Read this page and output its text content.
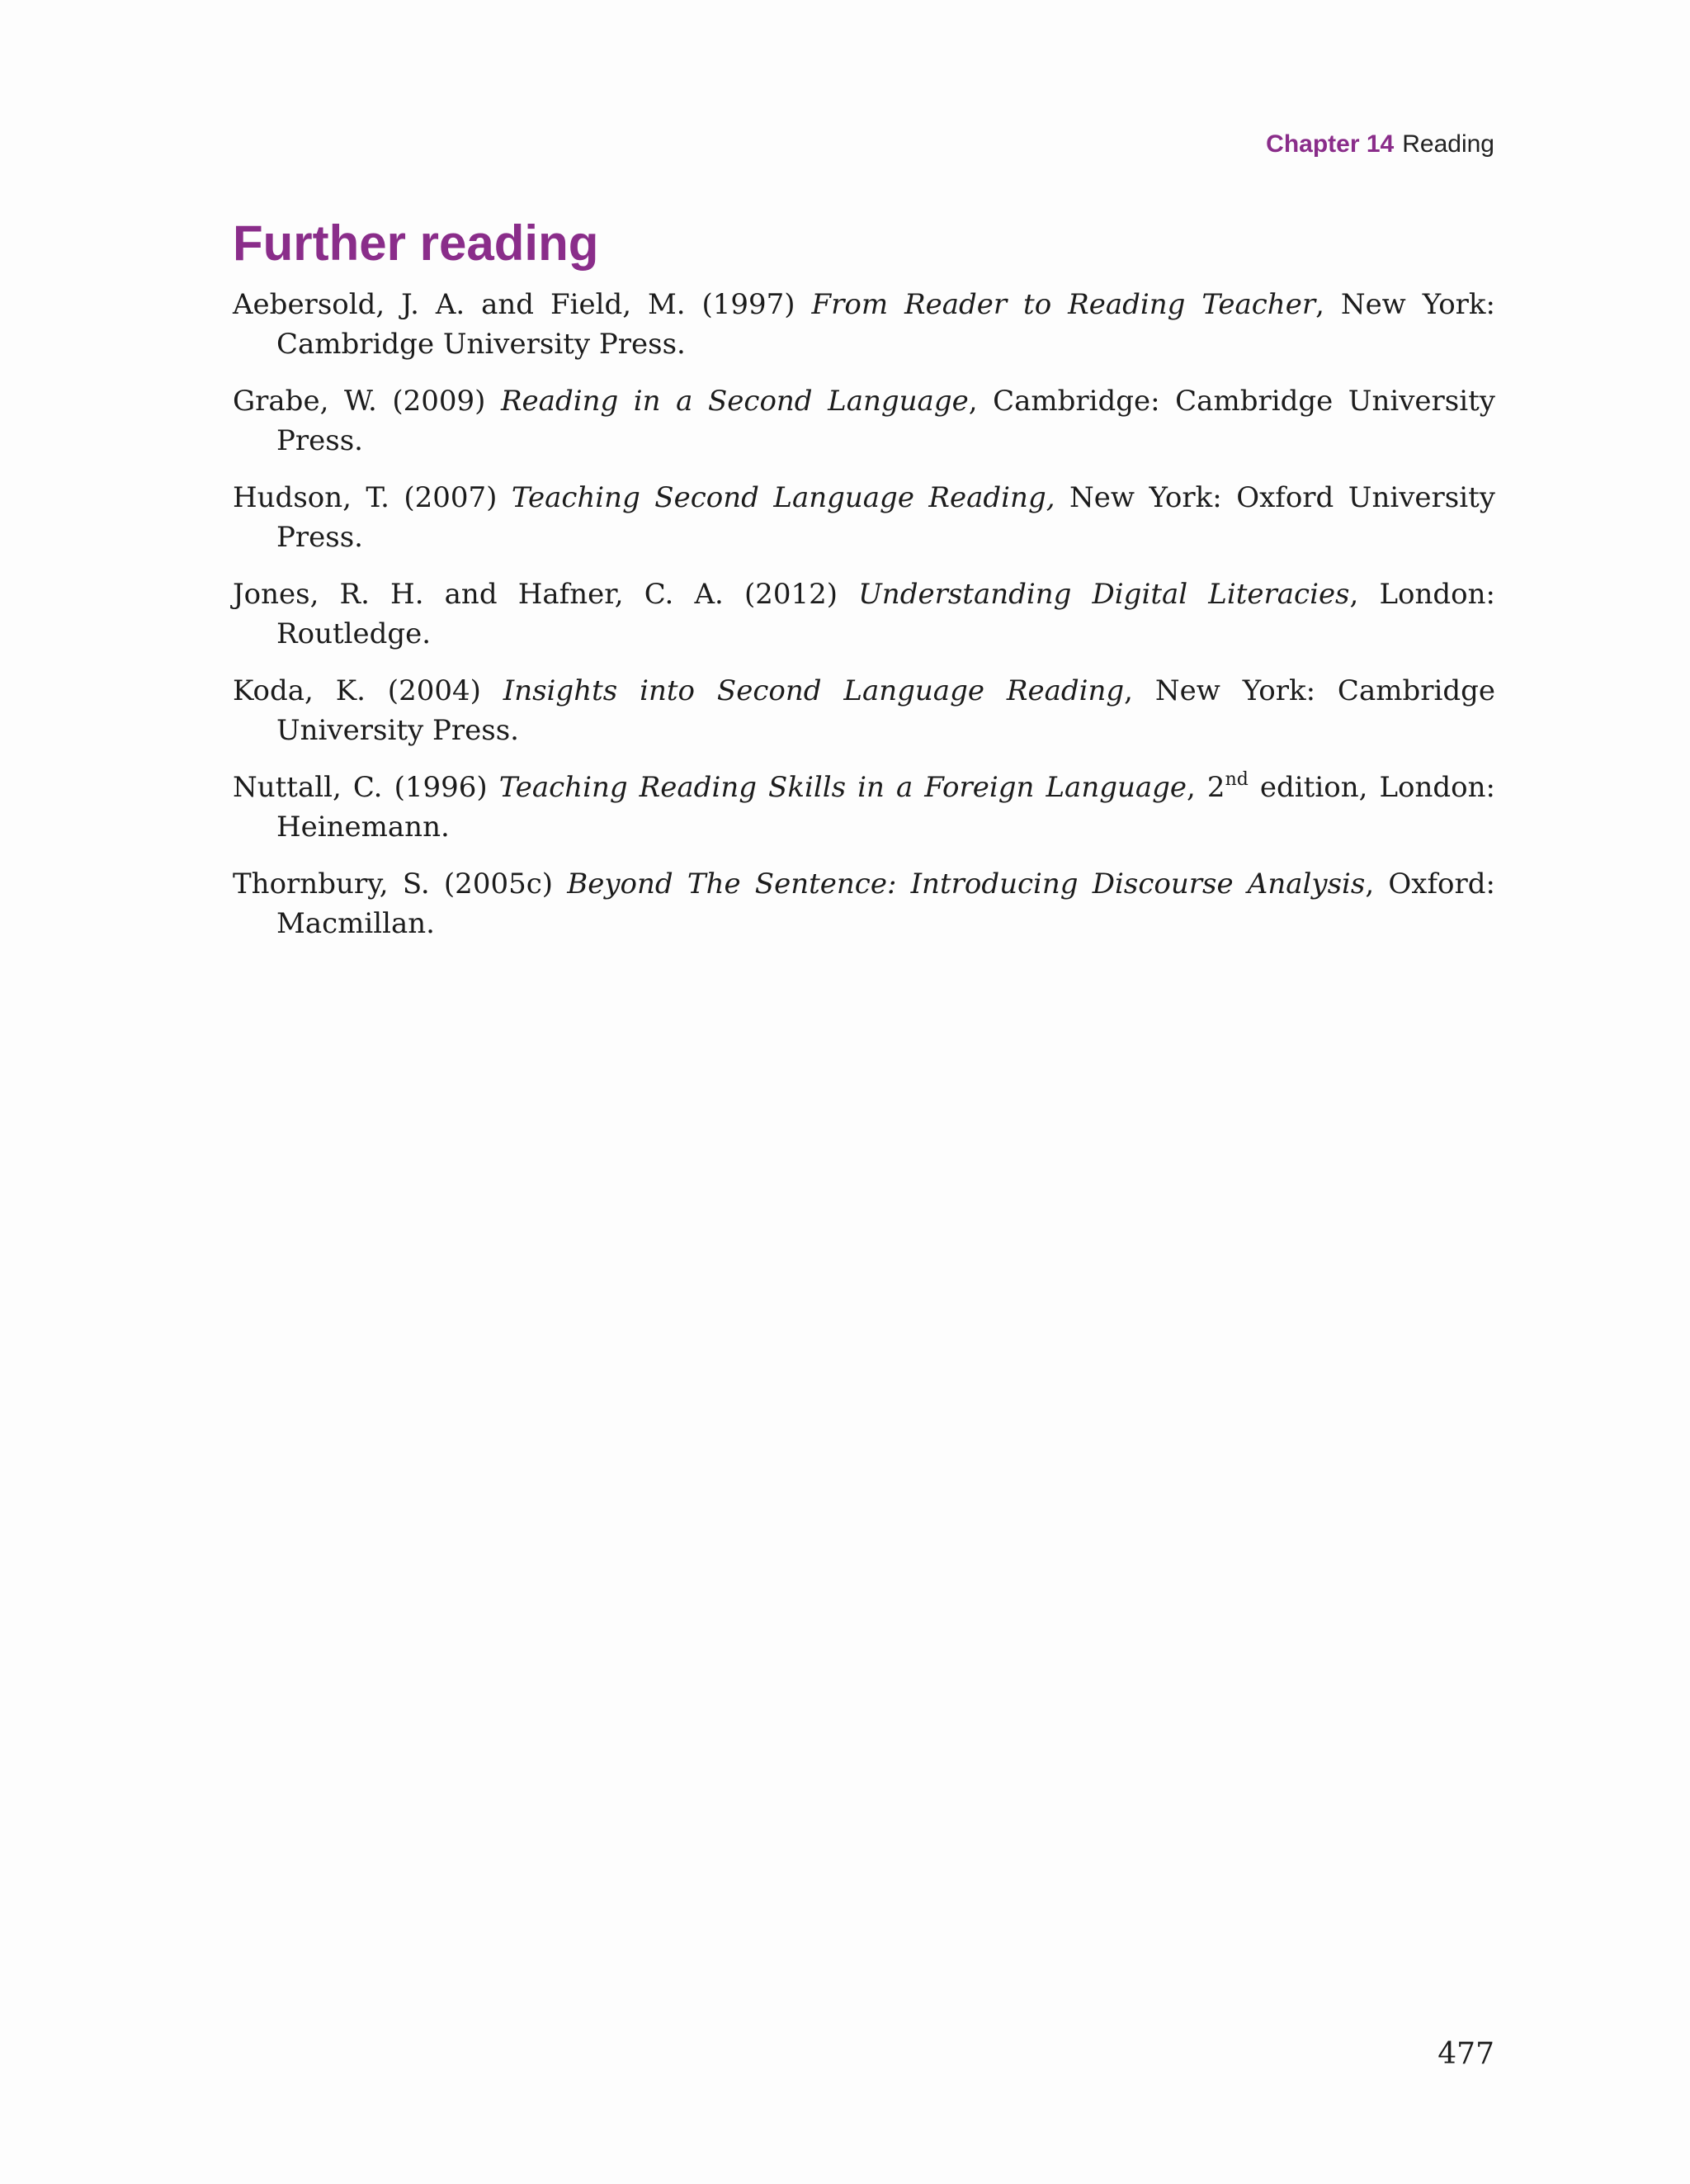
Chapter 14 Reading
Further reading
Aebersold, J. A. and Field, M. (1997) From Reader to Reading Teacher, New York: Cambridge University Press.
Grabe, W. (2009) Reading in a Second Language, Cambridge: Cambridge University Press.
Hudson, T. (2007) Teaching Second Language Reading, New York: Oxford University Press.
Jones, R. H. and Hafner, C. A. (2012) Understanding Digital Literacies, London: Routledge.
Koda, K. (2004) Insights into Second Language Reading, New York: Cambridge University Press.
Nuttall, C. (1996) Teaching Reading Skills in a Foreign Language, 2nd edition, London: Heinemann.
Thornbury, S. (2005c) Beyond The Sentence: Introducing Discourse Analysis, Oxford: Macmillan.
477
